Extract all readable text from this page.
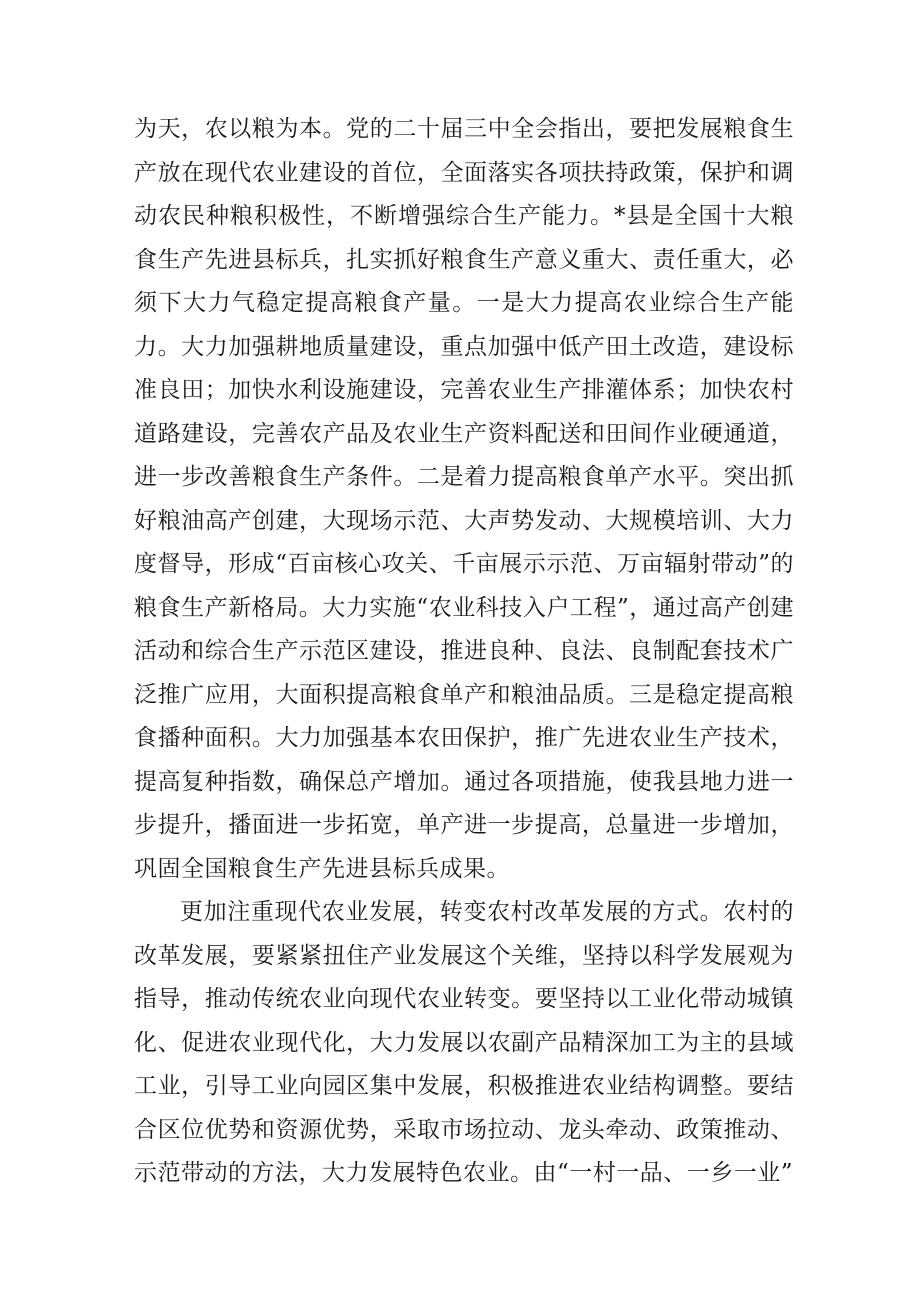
为天，农以粮为本。党的二十届三中全会指出，要把发展粮食生产放在现代农业建设的首位，全面落实各项扶持政策，保护和调动农民种粮积极性，不断增强综合生产能力。*县是全国十大粮食生产先进县标兵，扎实抓好粮食生产意义重大、责任重大，必须下大力气稳定提高粮食产量。一是大力提高农业综合生产能力。大力加强耕地质量建设，重点加强中低产田土改造，建设标准良田；加快水利设施建设，完善农业生产排灌体系；加快农村道路建设，完善农产品及农业生产资料配送和田间作业硬通道，进一步改善粮食生产条件。二是着力提高粮食单产水平。突出抓好粮油高产创建，大现场示范、大声势发动、大规模培训、大力度督导，形成“百亩核心攻关、千亩展示示范、万亩辐射带动”的粮食生产新格局。大力实施“农业科技入户工程”，通过高产创建活动和综合生产示范区建设，推进良种、良法、良制配套技术广泛推广应用，大面积提高粮食单产和粮油品质。三是稳定提高粮食播种面积。大力加强基本农田保护，推广先进农业生产技术，提高复种指数，确保总产增加。通过各项措施，使我县地力进一步提升，播面进一步拓宽，单产进一步提高，总量进一步增加，巩固全国粮食生产先进县标兵成果。

更加注重现代农业发展，转变农村改革发展的方式。农村的改革发展，要紧紧扭住产业发展这个关维，坚持以科学发展观为指导，推动传统农业向现代农业转变。要坚持以工业化带动城镇化、促进农业现代化，大力发展以农副产品精深加工为主的县域工业，引导工业向园区集中发展，积极推进农业结构调整。要结合区位优势和资源优势，采取市场拉动、龙头牵动、政策推动、示范带动的方法，大力发展特色农业。由“一村一品、一乡一业”
